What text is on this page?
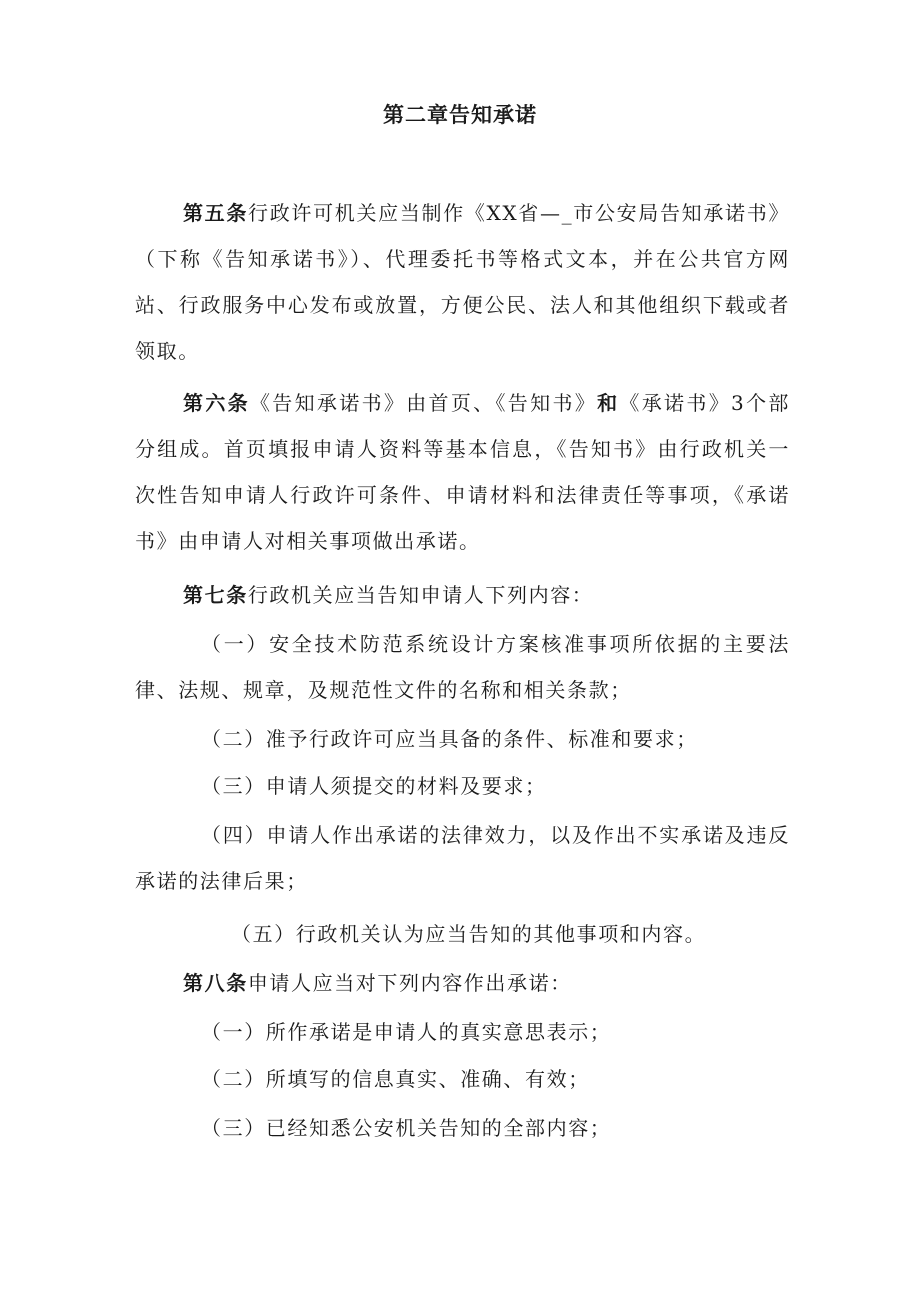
第二章告知承诺

第五条行政许可机关应当制作《XX省—_市公安局告知承诺书》（下称《告知承诺书》）、代理委托书等格式文本，并在公共官方网站、行政服务中心发布或放置，方便公民、法人和其他组织下载或者领取。

第六条《告知承诺书》由首页、《告知书》和《承诺书》3个部分组成。首页填报申请人资料等基本信息，《告知书》由行政机关一次性告知申请人行政许可条件、申请材料和法律责任等事项，《承诺书》由申请人对相关事项做出承诺。

第七条行政机关应当告知申请人下列内容：

（一）安全技术防范系统设计方案核准事项所依据的主要法律、法规、规章，及规范性文件的名称和相关条款；

（二）准予行政许可应当具备的条件、标准和要求；

（三）申请人须提交的材料及要求；

（四）申请人作出承诺的法律效力，以及作出不实承诺及违反承诺的法律后果；

（五）行政机关认为应当告知的其他事项和内容。

第八条申请人应当对下列内容作出承诺：

（一）所作承诺是申请人的真实意思表示；

（二）所填写的信息真实、准确、有效；

（三）已经知悉公安机关告知的全部内容；
